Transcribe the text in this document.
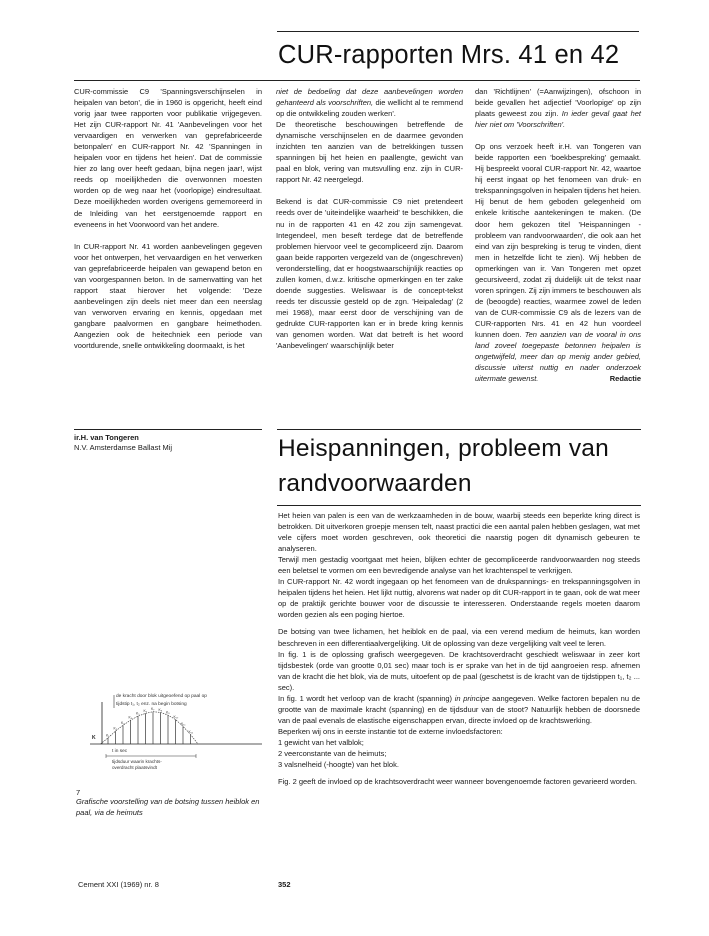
CUR-rapporten Mrs. 41 en 42

CUR-commissie C9 'Spanningsverschijnselen in heipalen van beton', die in 1960 is opgericht, heeft eind vorig jaar twee rapporten voor publikatie vrijgegeven. Het zijn CUR-rapport Nr. 41 'Aanbevelingen voor het vervaardigen en verwerken van geprefabriceerde betonpalen' en CUR-rapport Nr. 42 'Spanningen in heipalen voor en tijdens het heien'. Dat de commissie hier zo lang over heeft gedaan, bijna negen jaar!, wijst reeds op moeilijkheden die overwonnen moesten worden op de weg naar het (voorlopige) eindresultaat. Deze moeilijkheden worden overigens gememoreerd in de Inleiding van het eerstgenoemde rapport en eveneens in het Voorwoord van het andere.

In CUR-rapport Nr. 41 worden aanbevelingen gegeven voor het ontwerpen, het vervaardigen en het verwerken van geprefabriceerde heipalen van gewapend beton en van voorgespannen beton. In de samenvatting van het rapport staat hierover het volgende: 'Deze aanbevelingen zijn deels niet meer dan een neerslag van verworven ervaring en kennis, opgedaan met gangbare paalvormen en gangbare heimethoden. Aangezien ook de heitechniek een periode van voortdurende, snelle ontwikkeling doormaakt, is het

niet de bedoeling dat deze aanbevelingen worden gehanteerd als voorschriften, die wellicht al te remmend op die ontwikkeling zouden werken'.
De theoretische beschouwingen betreffende de dynamische verschijnselen en de daarmee gevonden inzichten ten aanzien van de betrekkingen tussen spanningen bij het heien en paallengte, gewicht van paal en blok, vering van mutsvulling enz. zijn in CUR-rapport Nr. 42 neergelegd.

Bekend is dat CUR-commissie C9 niet pretendeert reeds over de 'uiteindelijke waarheid' te beschikken, die nu in de rapporten 41 en 42 zou zijn samengevat. Integendeel, men beseft terdege dat de betreffende problemen hiervoor veel te gecompliceerd zijn. Daarom gaan beide rapporten vergezeld van de (ongeschreven) veronderstelling, dat er hoogstwaarschijnlijk reacties op zullen komen, d.w.z. kritische opmerkingen en ter zake doende suggesties. Weliswaar is de concept-tekst reeds ter discussie gesteld op de zgn. 'Heipaledag' (2 mei 1968), maar eerst door de verschijning van de gedrukte CUR-rapporten kan er in brede kring kennis van genomen worden. Wat dat betreft is het woord 'Aanbevelingen' waarschijnlijk beter

dan 'Richtlijnen' (=Aanwijzingen), ofschoon in beide gevallen het adjectief 'Voorlopige' op zijn plaats geweest zou zijn. In ieder geval gaat het hier niet om 'Voorschriften'.

Op ons verzoek heeft ir.H. van Tongeren van beide rapporten een 'boekbespreking' gemaakt. Hij bespreekt vooral CUR-rapport Nr. 42, waartoe hij eerst ingaat op het fenomeen van druk- en trekspanningsgolven in heipalen tijdens het heien. Hij benut de hem geboden gelegenheid om enkele kritische aantekeningen te maken. (De door hem gekozen titel 'Heispanningen - probleem van randvoorwaarden', die ook aan het eind van zijn bespreking is terug te vinden, dient men in hetzelfde licht te zien). Wij hebben de opmerkingen van ir. Van Tongeren met opzet gecursiveerd, zodat zij duidelijk uit de tekst naar voren springen. Zij zijn immers te beschouwen als de (beoogde) reacties, waarmee zowel de leden van de CUR-commissie C9 als de lezers van de CUR-rapporten Nrs. 41 en 42 hun voordeel kunnen doen. Ten aanzien van de vooral in ons land zoveel toegepaste betonnen heipalen is ongetwijfeld, meer dan op menig ander gebied, discussie uiterst nuttig en nader onderzoek uitermate gewenst.	Redactie

ir.H. van Tongeren
N.V. Amsterdamse Ballast Mij	Heispanningen, probleem van
randvoorwaarden

Het heien van palen is een van de werkzaamheden in de bouw, waarbij steeds een beperkte kring direct is betrokken. Dit uitverkoren groepje mensen telt, naast practici die een aantal palen hebben geslagen, wat met vele cijfers moet worden geschreven, ook theoretici die naarstig pogen dit dynamisch gebeuren te analyseren.
Terwijl men gestadig voortgaat met heien, blijken echter de gecompliceerde randvoorwaarden nog steeds een beletsel te vormen om een bevredigende analyse van het krachtenspel te verkrijgen.
In CUR-rapport Nr. 42 wordt ingegaan op het fenomeen van de drukspannings- en trekspanningsgolven in heipalen tijdens het heien. Het lijkt nuttig, alvorens wat nader op dit CUR-rapport in te gaan, ook de wat meer op de praktijk gerichte bouwer voor de discussie te interesseren. Onderstaande regels moeten daarom worden gezien als een poging hiertoe.

De botsing van twee lichamen, het heiblok en de paal, via een verend medium de heimuts, kan worden beschreven in een differentiaalvergelijking. Uit de oplossing van deze vergelijking valt veel te leren.
In fig. 1 is de oplossing grafisch weergegeven. De krachtsoverdracht geschiedt weliswaar in zeer kort tijdsbestek (orde van grootte 0,01 sec) maar toch is er sprake van het in de tijd aangroeien resp. afnemen van de kracht die het blok, via de muts, uitoefent op de paal (geschetst is de kracht van de tijdstippen t₁, t₂ ... sec).
In fig. 1 wordt het verloop van de kracht (spanning) in principe aangegeven. Welke factoren bepalen nu de grootte van de maximale kracht (spanning) en de tijdsduur van de stoot? Natuurlijk hebben de doorsnede van de paal evenals de elastische eigenschappen ervan, directe invloed op de krachtswerking.
Beperken wij ons in eerste instantie tot de externe invloedsfactoren:

1 gewicht van het valblok;
2 veerconstante van de heimuts;
3 valsnelheid (-hoogte) van het blok.

Fig. 2 geeft de invloed op de krachtsoverdracht weer wanneer bovengenoemde factoren gevarieerd worden.

de kracht door blok uitgeoefend op paal op
tijdstip t₁, t₂ enz. na begin botsing
K	K₁
K₂
K₃
K₄
K₅
K₆ K₇ K₈
K₉
K₁₀
K₁₁
K₁₂
t in sec
tijdsduur waarin krachts-
overdracht plaatsvindt
7
Grafische voorstelling van de botsing tussen heiblok en paal, via de heimuts
Cement XXI (1969) nr. 8	352
